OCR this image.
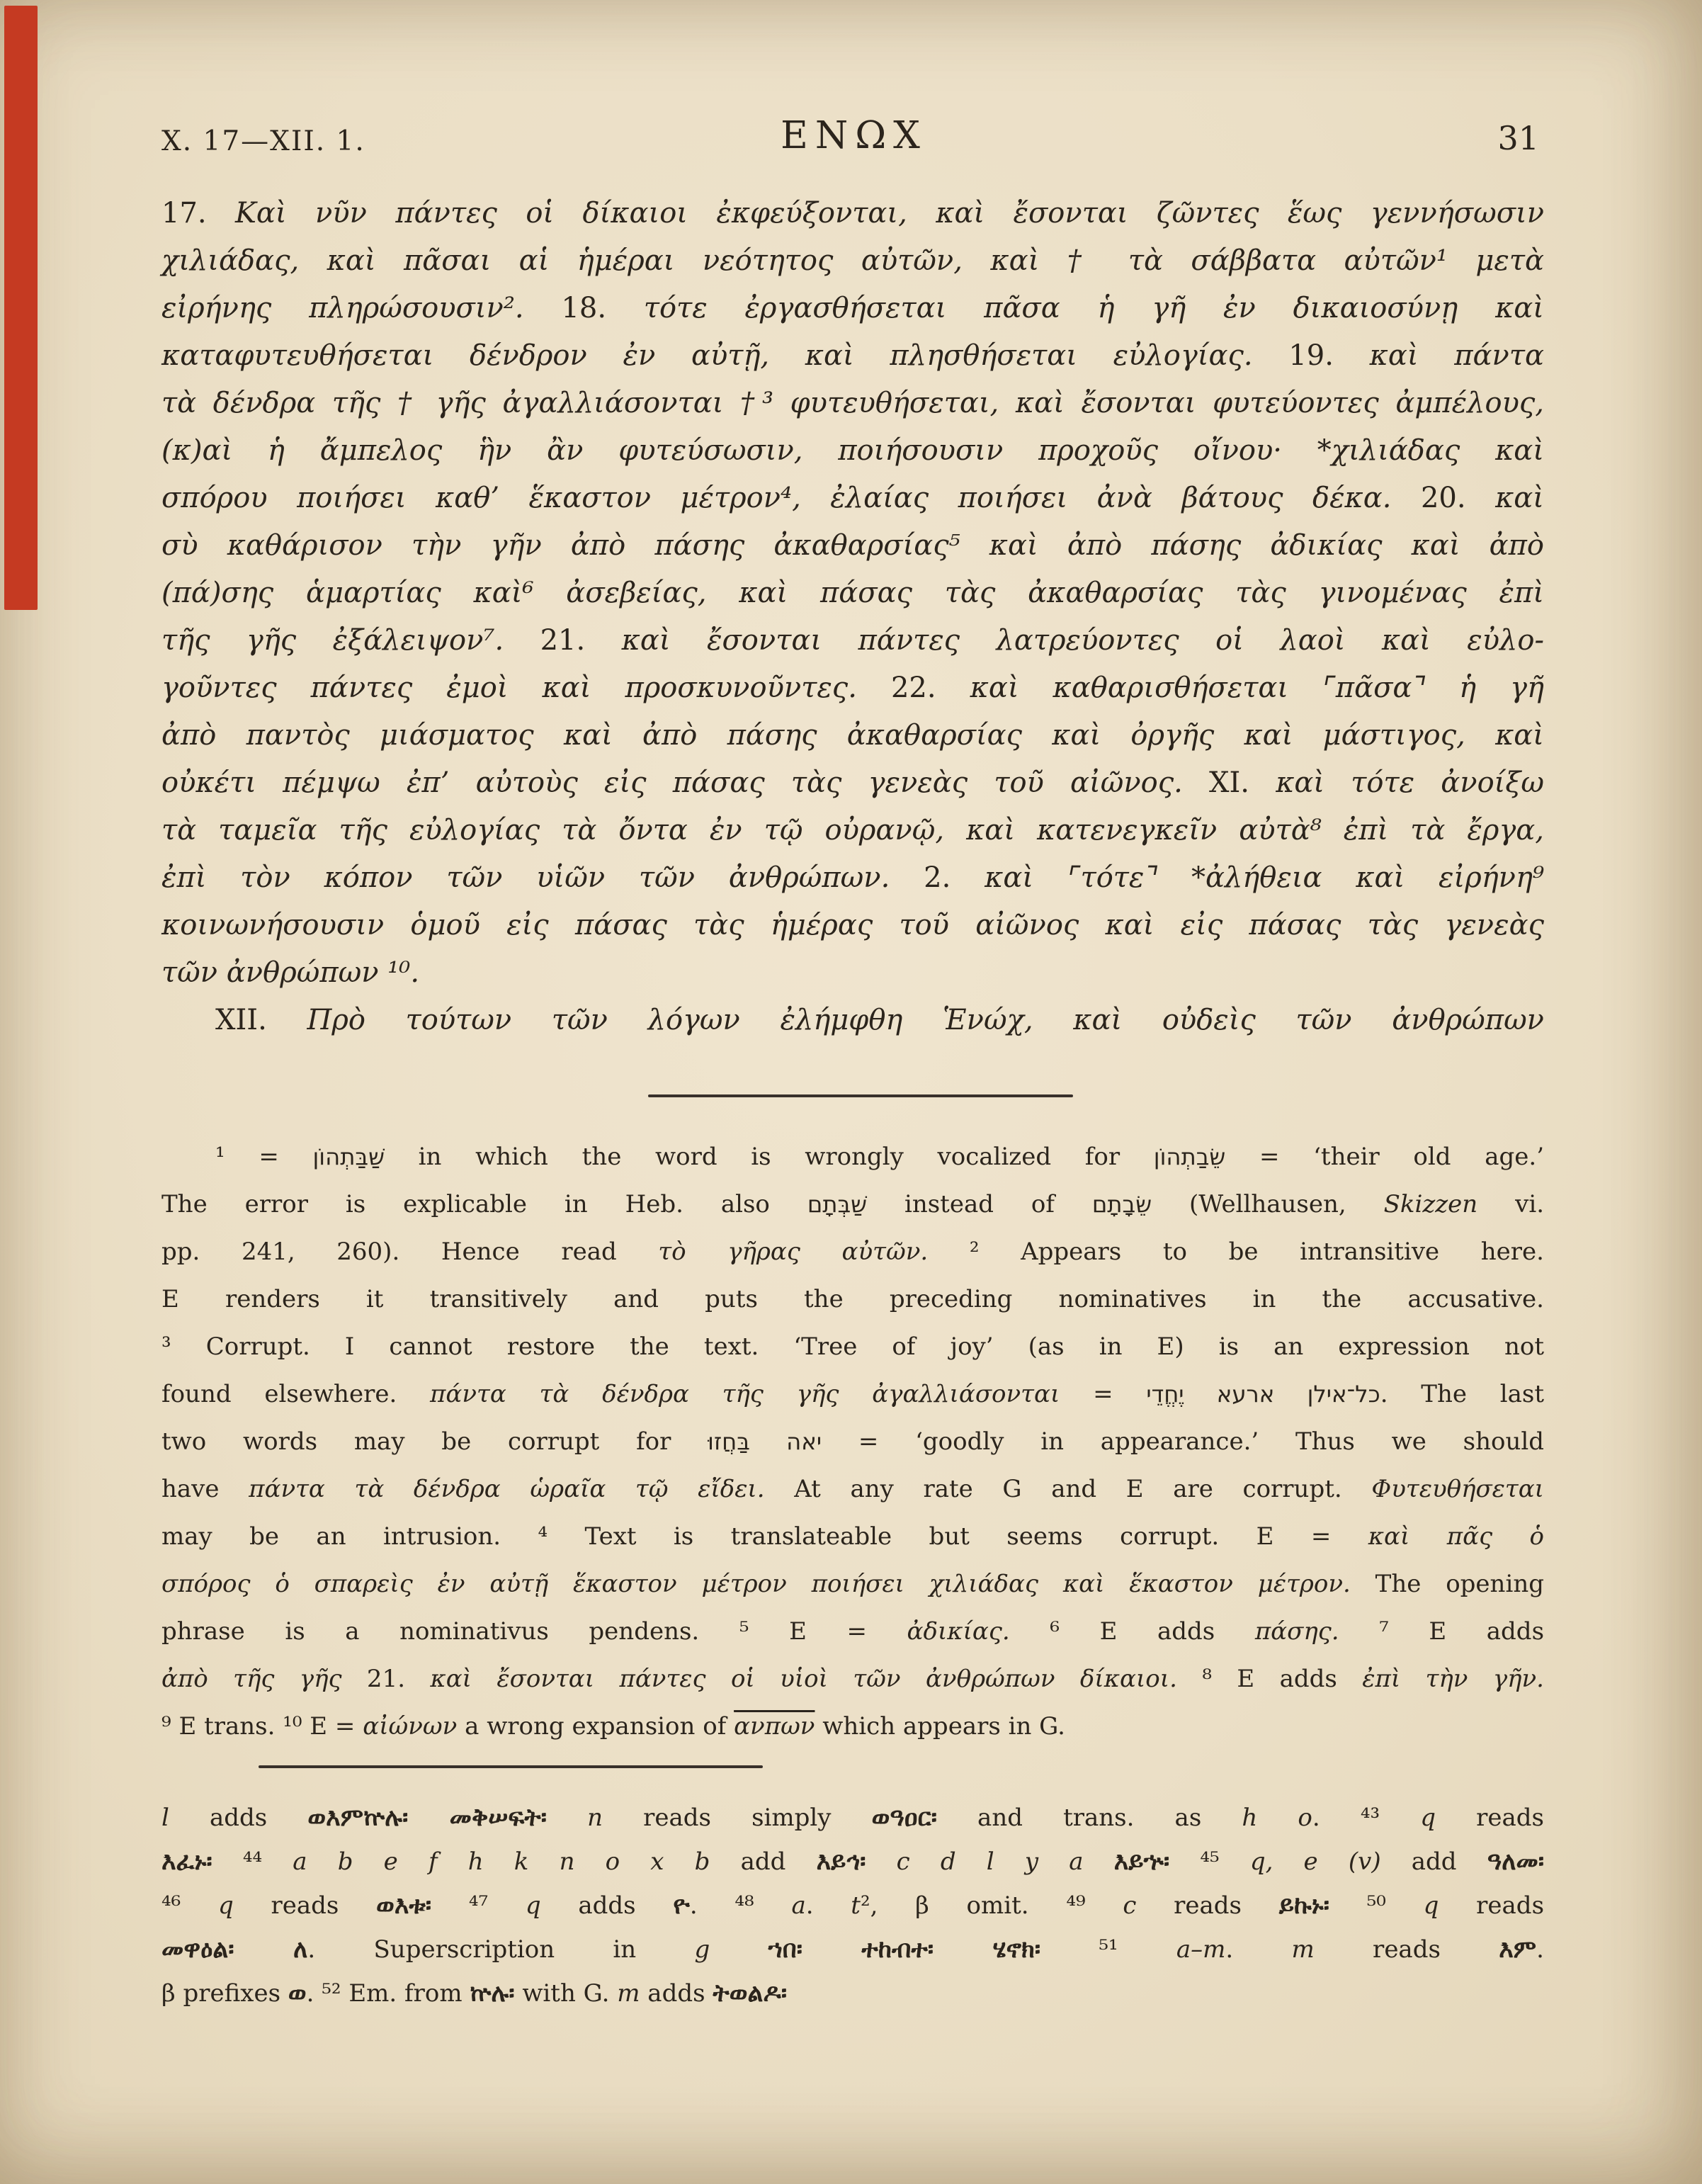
X. 17—XII. 1.	ΕΝΩΧ	31
17. Καὶ νῦν πάντες οἱ δίκαιοι ἐκφεύξονται, καὶ ἔσονται ζῶντες ἕως γεννήσωσιν
χιλιάδας, καὶ πᾶσαι αἱ ἡμέραι νεότητος αὐτῶν, καὶ † τὰ σάββατα αὐτῶν¹ μετὰ
εἰρήνης πληρώσουσιν². 18. τότε ἐργασθήσεται πᾶσα ἡ γῆ ἐν δικαιοσύνῃ καὶ
καταφυτευθήσεται δένδρον ἐν αὐτῇ, καὶ πλησθήσεται εὐλογίας. 19. καὶ πάντα
τὰ δένδρα τῆς † γῆς ἀγαλλιάσονται †³ φυτευθήσεται, καὶ ἔσονται φυτεύοντες ἀμπέλους,
(κ)αὶ ἡ ἄμπελος ἣν ἂν φυτεύσωσιν, ποιήσουσιν προχοῦς οἴνου· *χιλιάδας καὶ
σπόρου ποιήσει καθ’ ἕκαστον μέτρον⁴, ἐλαίας ποιήσει ἀνὰ βάτους δέκα. 20. καὶ
σὺ καθάρισον τὴν γῆν ἀπὸ πάσης ἀκαθαρσίας⁵ καὶ ἀπὸ πάσης ἀδικίας καὶ ἀπὸ
(πά)σης ἁμαρτίας καὶ⁶ ἀσεβείας, καὶ πάσας τὰς ἀκαθαρσίας τὰς γινομένας ἐπὶ
τῆς γῆς ἐξάλειψον⁷. 21. καὶ ἔσονται πάντες λατρεύοντες οἱ λαοὶ καὶ εὐλο-
γοῦντες πάντες ἐμοὶ καὶ προσκυνοῦντες. 22. καὶ καθαρισθήσεται ⌜πᾶσα⌝ ἡ γῆ
ἀπὸ παντὸς μιάσματος καὶ ἀπὸ πάσης ἀκαθαρσίας καὶ ὀργῆς καὶ μάστιγος, καὶ
οὐκέτι πέμψω ἐπ’ αὐτοὺς εἰς πάσας τὰς γενεὰς τοῦ αἰῶνος. XI. καὶ τότε ἀνοίξω
τὰ ταμεῖα τῆς εὐλογίας τὰ ὄντα ἐν τῷ οὐρανῷ, καὶ κατενεγκεῖν αὐτὰ⁸ ἐπὶ τὰ ἔργα,
ἐπὶ τὸν κόπον τῶν υἱῶν τῶν ἀνθρώπων. 2. καὶ ⌜τότε⌝ *ἀλήθεια καὶ εἰρήνη⁹
κοινωνήσουσιν ὁμοῦ εἰς πάσας τὰς ἡμέρας τοῦ αἰῶνος καὶ εἰς πάσας τὰς γενεὰς
τῶν ἀνθρώπων ¹⁰.
XII. Πρὸ τούτων τῶν λόγων ἐλήμφθη Ἑνώχ, καὶ οὐδεὶς τῶν ἀνθρώπων
¹ = שַׁבַּתְהוֹן in which the word is wrongly vocalized for שֵׂבַתְהוֹן = ‘their old age.’
The error is explicable in Heb. also שַׁבְּתָם instead of שֵׂבָתָם (Wellhausen, Skizzen vi.
pp. 241, 260). Hence read τὸ γῆρας αὐτῶν. ² Appears to be intransitive here.
E renders it transitively and puts the preceding nominatives in the accusative.
³ Corrupt. I cannot restore the text. ‘Tree of joy’ (as in E) is an expression not
found elsewhere. πάντα τὰ δένδρα τῆς γῆς ἀγαλλιάσονται = כל־אילן ארעא יֶחֱדֵי. The last
two words may be corrupt for יאה בַּחֲזוּ = ‘goodly in appearance.’ Thus we should
have πάντα τὰ δένδρα ὡραῖα τῷ εἴδει. At any rate G and E are corrupt. Φυτευθήσεται
may be an intrusion. ⁴ Text is translateable but seems corrupt. E = καὶ πᾶς ὁ
σπόρος ὁ σπαρεὶς ἐν αὐτῇ ἕκαστον μέτρον ποιήσει χιλιάδας καὶ ἕκαστον μέτρον. The opening
phrase is a nominativus pendens. ⁵ E = ἀδικίας. ⁶ E adds πάσης. ⁷ E adds
ἀπὸ τῆς γῆς 21. καὶ ἔσονται πάντες οἱ υἱοὶ τῶν ἀνθρώπων δίκαιοι. ⁸ E adds ἐπὶ τὴν γῆν.
⁹ E trans. ¹⁰ E = αἰώνων a wrong expansion of ανπων which appears in G.
l adds ወእምኵሉ፡ መቅሠፍት፡ n reads simply ወዓዐር፡ and trans. as h o. ⁴³ q reads
እፈኑ፡ ⁴⁴ a b e f h k n o x b add እይኅ፡ c d l y a እይኍ፡ ⁴⁵ q, e (v) add ዓለመ፡
⁴⁶ q reads ወእቱ፡ ⁴⁷ q adds ዮ. ⁴⁸ a. t², β omit. ⁴⁹ c reads ይኩኑ፡ ⁵⁰ q reads
መዋዕል፡ ለ. Superscription in g ኀበ፡ ተከብተ፡ ሄኖክ፡ ⁵¹ a–m. m reads እም.
β prefixes ወ. ⁵² Em. from ኵሉ፡ with G. m adds ትወልዶ፡
